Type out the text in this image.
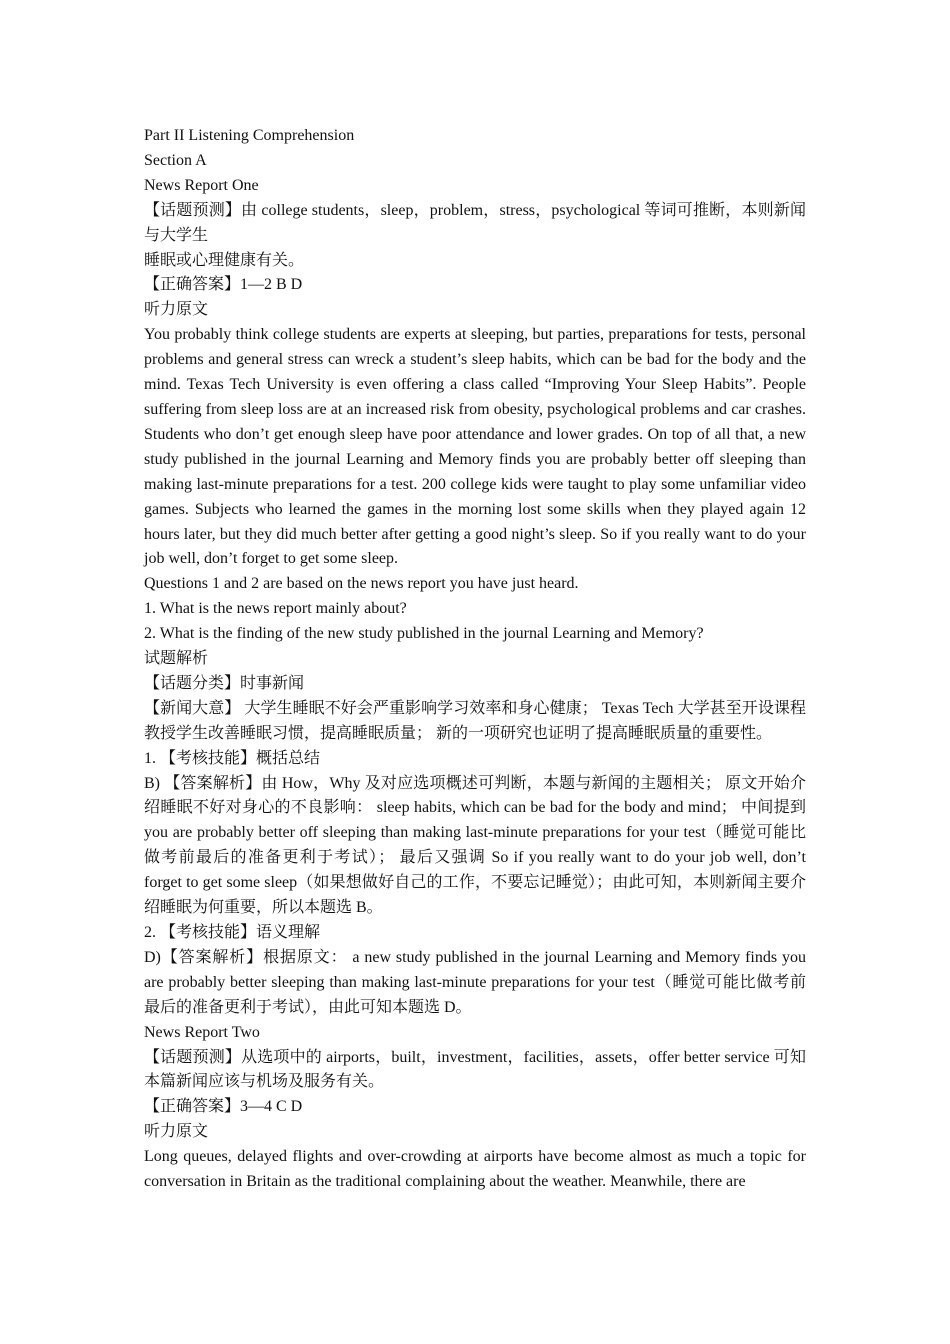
Part II Listening Comprehension

Section A

News Report One

【话题预测】由 college students，sleep，problem，stress，psychological 等词可推断，本则新闻与大学生

睡眠或心理健康有关。

【正确答案】1—2 B D

听力原文

You probably think college students are experts at sleeping, but parties, preparations for tests, personal problems and general stress can wreck a student’s sleep habits, which can be bad for the body and the mind. Texas Tech University is even offering a class called “Improving Your Sleep Habits”. People suffering from sleep loss are at an increased risk from obesity, psychological problems and car crashes. Students who don’t get enough sleep have poor attendance and lower grades. On top of all that, a new study published in the journal Learning and Memory finds you are probably better off sleeping than making last-minute preparations for a test. 200 college kids were taught to play some unfamiliar video games. Subjects who learned the games in the morning lost some skills when they played again 12 hours later, but they did much better after getting a good night’s sleep. So if you really want to do your job well, don’t forget to get some sleep.

Questions 1 and 2 are based on the news report you have just heard.

1. What is the news report mainly about?

2. What is the finding of the new study published in the journal Learning and Memory?

试题解析

【话题分类】时事新闻

【新闻大意】 大学生睡眠不好会严重影响学习效率和身心健康； Texas Tech 大学甚至开设课程教授学生改善睡眠习惯，提高睡眠质量； 新的一项研究也证明了提高睡眠质量的重要性。

1. 【考核技能】概括总结

B) 【答案解析】由 How，Why 及对应选项概述可判断，本题与新闻的主题相关； 原文开始介绍睡眠不好对身心的不良影响： sleep habits, which can be bad for the body and mind； 中间提到 you are probably better off sleeping than making last-minute preparations for your test（睡觉可能比做考前最后的准备更利于考试）； 最后又强调 So if you really want to do your job well, don’t forget to get some sleep（如果想做好自己的工作，不要忘记睡觉）；由此可知，本则新闻主要介绍睡眠为何重要，所以本题选 B。

2. 【考核技能】语义理解

D)【答案解析】根据原文： a new study published in the journal Learning and Memory finds you are probably better sleeping than making last-minute preparations for your test（睡觉可能比做考前最后的准备更利于考试），由此可知本题选 D。

News Report Two

【话题预测】从选项中的 airports，built，investment，facilities，assets，offer better service 可知本篇新闻应该与机场及服务有关。

【正确答案】3—4 C D

听力原文

Long queues, delayed flights and over-crowding at airports have become almost as much a topic for conversation in Britain as the traditional complaining about the weather. Meanwhile, there are
